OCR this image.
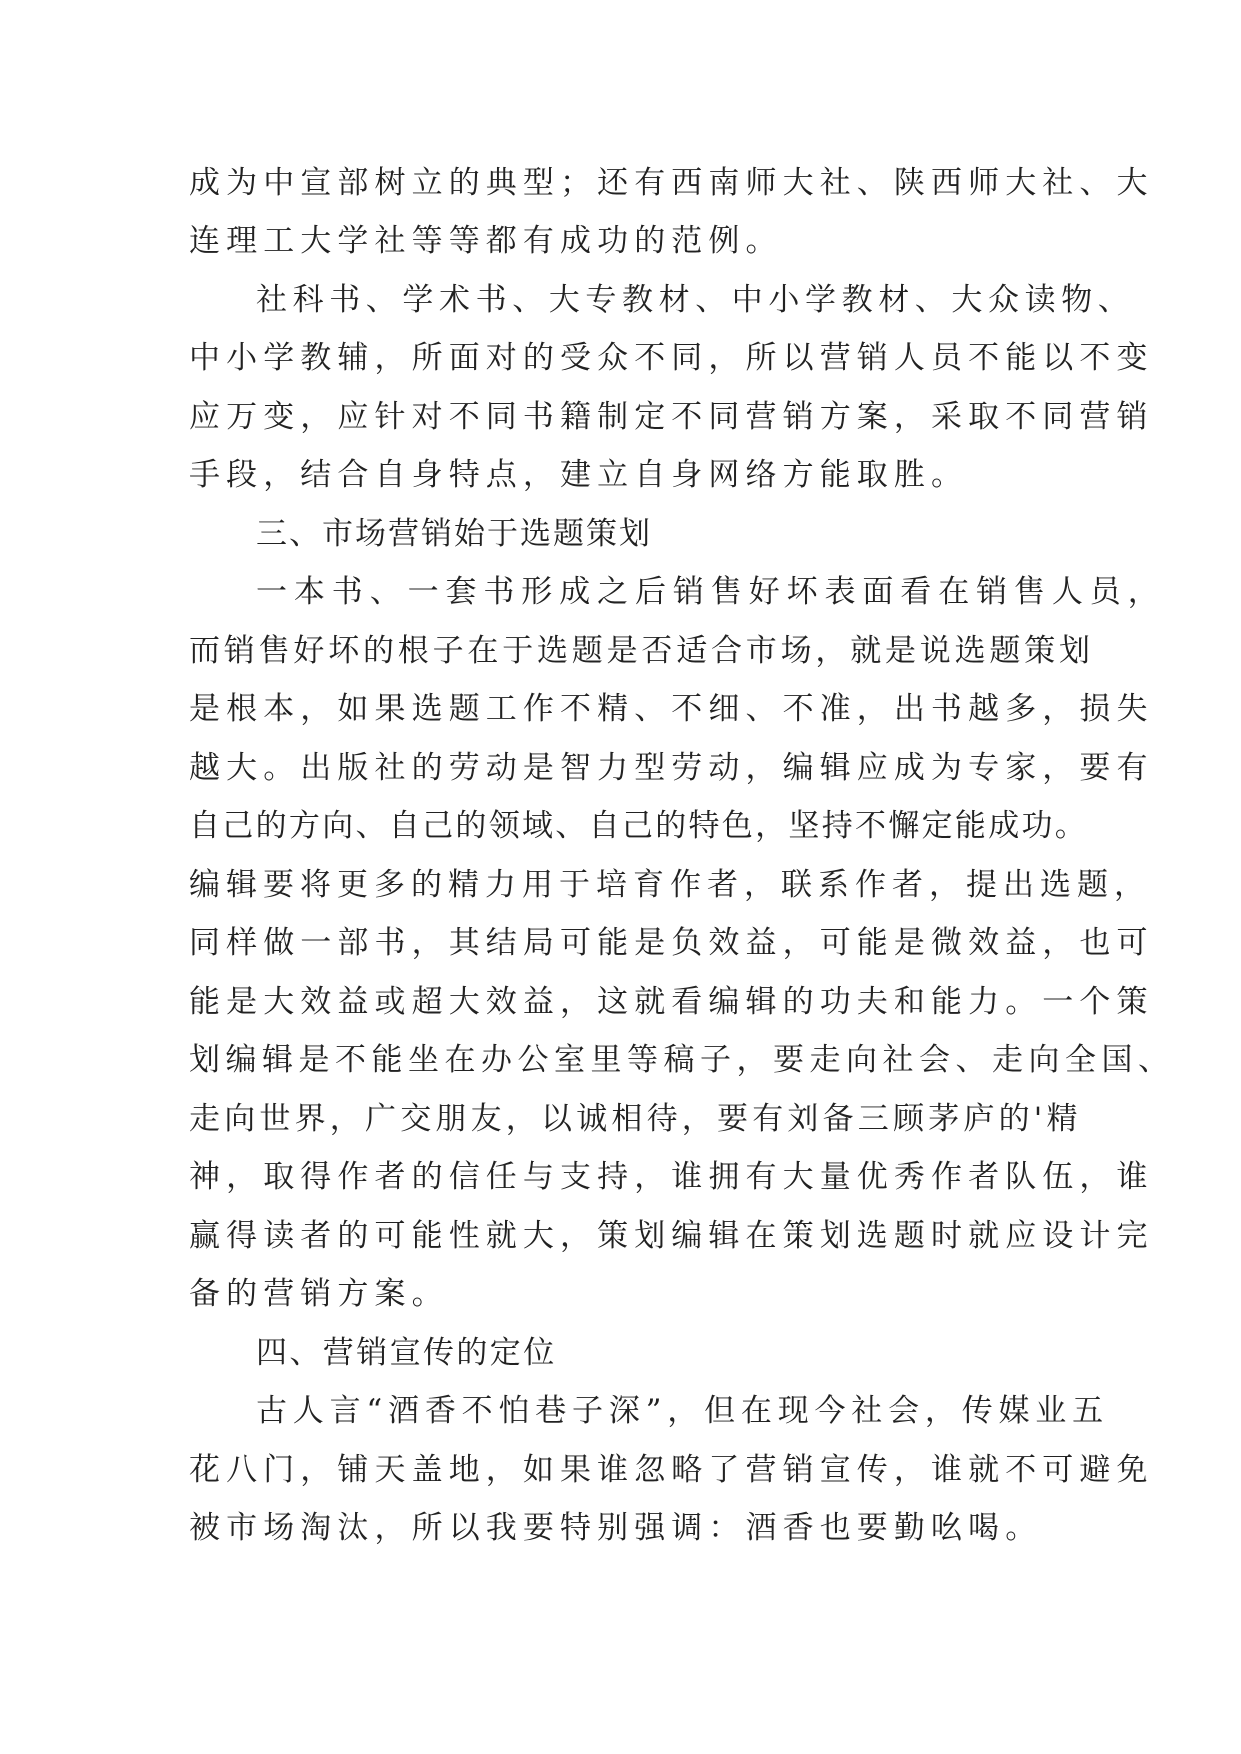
成为中宣部树立的典型；还有西南师大社、陕西师大社、大

连理工大学社等等都有成功的范例。

社科书、学术书、大专教材、中小学教材、大众读物、

中小学教辅，所面对的受众不同，所以营销人员不能以不变

应万变，应针对不同书籍制定不同营销方案，采取不同营销

手段，结合自身特点，建立自身网络方能取胜。

三、市场营销始于选题策划

一本书、一套书形成之后销售好坏表面看在销售人员，

而销售好坏的根子在于选题是否适合市场，就是说选题策划

是根本，如果选题工作不精、不细、不准，出书越多，损失

越大。出版社的劳动是智力型劳动，编辑应成为专家，要有

自己的方向、自己的领域、自己的特色，坚持不懈定能成功。

编辑要将更多的精力用于培育作者，联系作者，提出选题，

同样做一部书，其结局可能是负效益，可能是微效益，也可

能是大效益或超大效益，这就看编辑的功夫和能力。一个策

划编辑是不能坐在办公室里等稿子，要走向社会、走向全国、

走向世界，广交朋友，以诚相待，要有刘备三顾茅庐的'精

神，取得作者的信任与支持，谁拥有大量优秀作者队伍，谁

赢得读者的可能性就大，策划编辑在策划选题时就应设计完

备的营销方案。

四、营销宣传的定位

古人言“酒香不怕巷子深”，但在现今社会，传媒业五

花八门，铺天盖地，如果谁忽略了营销宣传，谁就不可避免

被市场淘汰，所以我要特别强调：酒香也要勤吆喝。
